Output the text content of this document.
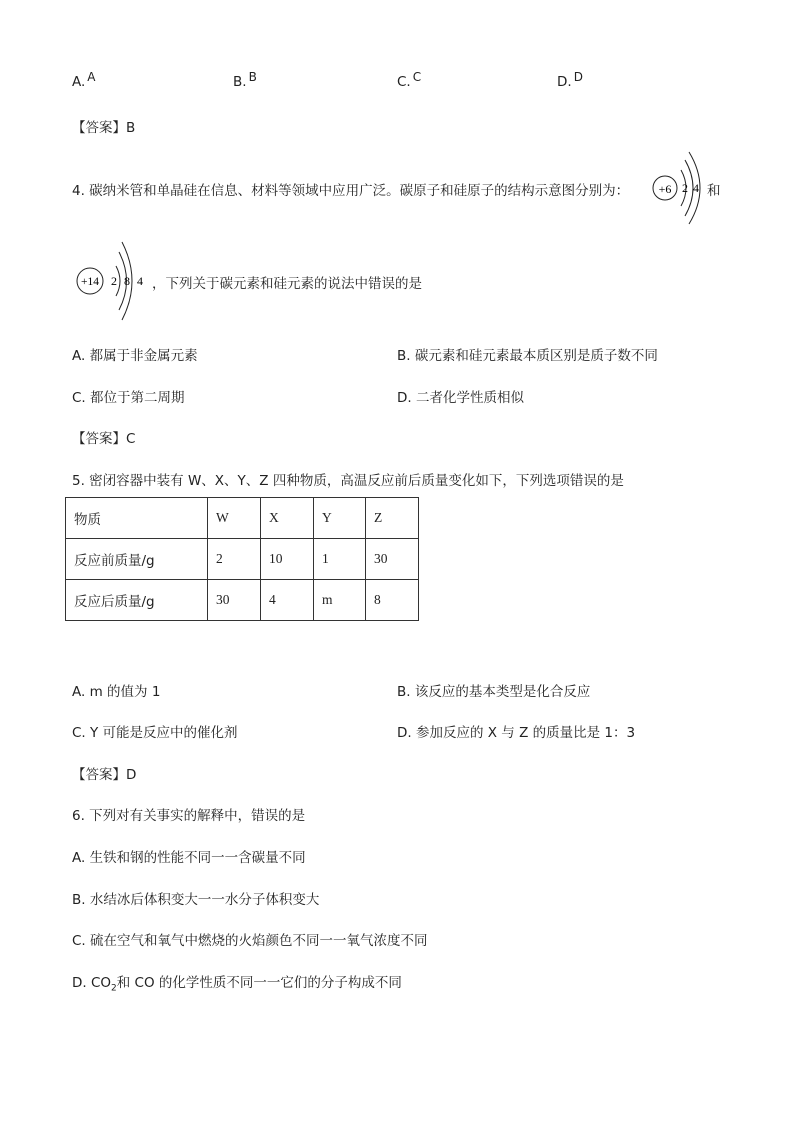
A. A	B. B	C. C	D. D
【答案】B
4. 碳纳米管和单晶硅在信息、材料等领域中应用广泛。碳原子和硅原子的结构示意图分别为： +6 2 4 和
+14 2 8 4 ，下列关于碳元素和硅元素的说法中错误的是
A. 都属于非金属元素	B. 碳元素和硅元素最本质区别是质子数不同
C. 都位于第二周期	D. 二者化学性质相似
【答案】C
5. 密闭容器中装有 W、X、Y、Z 四种物质，高温反应前后质量变化如下，下列选项错误的是
物质	W	X	Y	Z
反应前质量/g	2	10	1	30
反应后质量/g	30	4	m	8
A. m 的值为 1	B. 该反应的基本类型是化合反应
C. Y 可能是反应中的催化剂	D. 参加反应的 X 与 Z 的质量比是 1：3
【答案】D
6. 下列对有关事实的解释中，错误的是
A. 生铁和钢的性能不同一一含碳量不同
B. 水结冰后体积变大一一水分子体积变大
C. 硫在空气和氧气中燃烧的火焰颜色不同一一氧气浓度不同
D. $CO_2$和 CO 的化学性质不同一一它们的分子构成不同
